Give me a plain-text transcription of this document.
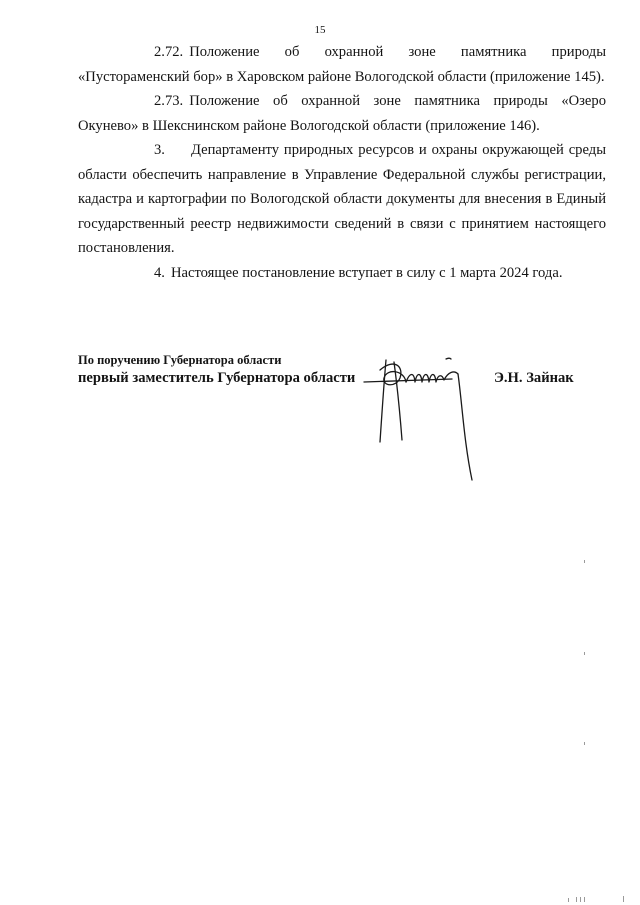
15

2.72. Положение об охранной зоне памятника природы «Пустораменский бор» в Харовском районе Вологодской области (приложение 145).

2.73. Положение об охранной зоне памятника природы «Озеро Окунево» в Шекснинском районе Вологодской области (приложение 146).

3. Департаменту природных ресурсов и охраны окружающей среды области обеспечить направление в Управление Федеральной службы регистрации, кадастра и картографии по Вологодской области документы для внесения в Единый государственный реестр недвижимости сведений в связи с принятием настоящего постановления.

4. Настоящее постановление вступает в силу с 1 марта 2024 года.

По поручению Губернатора области
первый заместитель Губернатора области	Э.Н. Зайнак
